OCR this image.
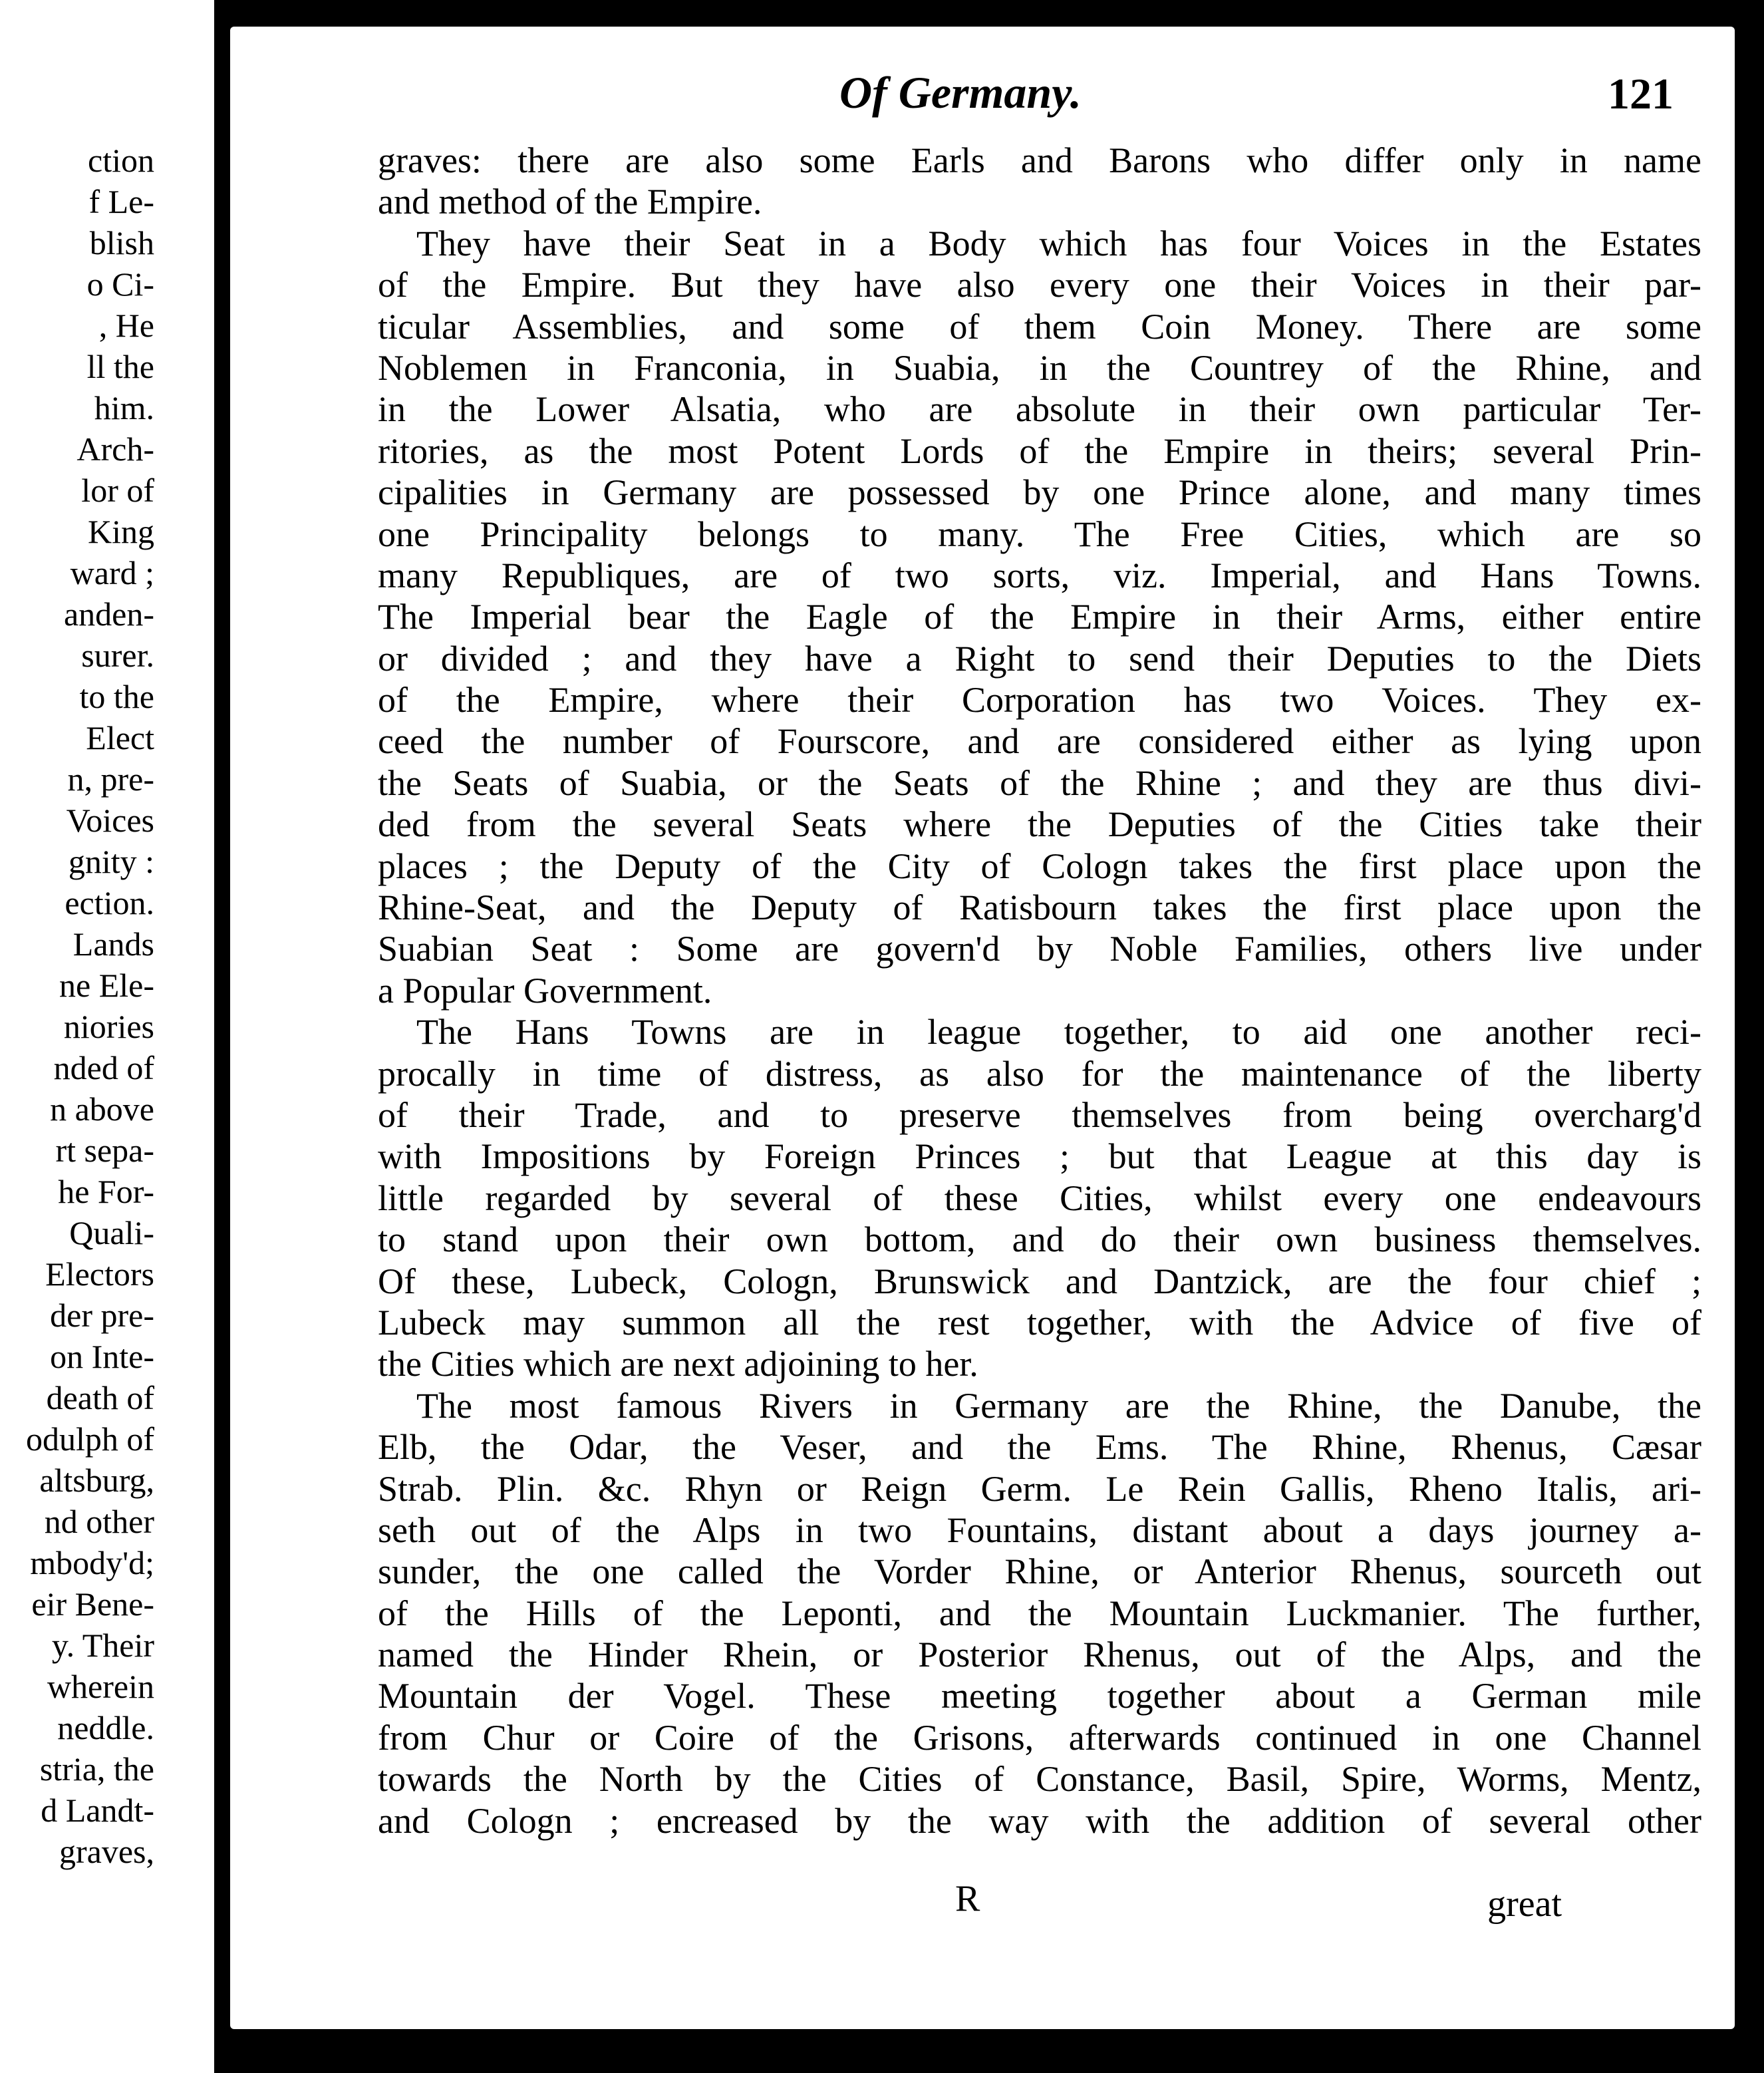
ction
f Le-
blish
o Ci-
, He
ll the
him.
Arch-
lor of
King
ward ;
anden-
surer.
to the
Elect
n, pre-
Voices
gnity :
ection.
Lands
ne Ele-
niories
nded of
n above
rt sepa-
he For-
Quali-
Electors
der pre-
on Inte-
death of
odulph of
altsburg,
nd other
mbody'd;
eir Bene-
y. Their
wherein
neddle.
stria, the
d Landt-
graves,
Of Germany.	121
graves: there are also some Earls and Barons who differ only in name
and method of the Empire.
They have their Seat in a Body which has four Voices in the Estates
of the Empire. But they have also every one their Voices in their par-
ticular Assemblies, and some of them Coin Money. There are some
Noblemen in Franconia, in Suabia, in the Countrey of the Rhine, and
in the Lower Alsatia, who are absolute in their own particular Ter-
ritories, as the most Potent Lords of the Empire in theirs; several Prin-
cipalities in Germany are possessed by one Prince alone, and many times
one Principality belongs to many. The Free Cities, which are so
many Republiques, are of two sorts, viz. Imperial, and Hans Towns.
The Imperial bear the Eagle of the Empire in their Arms, either entire
or divided ; and they have a Right to send their Deputies to the Diets
of the Empire, where their Corporation has two Voices. They ex-
ceed the number of Fourscore, and are considered either as lying upon
the Seats of Suabia, or the Seats of the Rhine ; and they are thus divi-
ded from the several Seats where the Deputies of the Cities take their
places ; the Deputy of the City of Cologn takes the first place upon the
Rhine-Seat, and the Deputy of Ratisbourn takes the first place upon the
Suabian Seat : Some are govern'd by Noble Families, others live under
a Popular Government.
The Hans Towns are in league together, to aid one another reci-
procally in time of distress, as also for the maintenance of the liberty
of their Trade, and to preserve themselves from being overcharg'd
with Impositions by Foreign Princes ; but that League at this day is
little regarded by several of these Cities, whilst every one endeavours
to stand upon their own bottom, and do their own business themselves.
Of these, Lubeck, Cologn, Brunswick and Dantzick, are the four chief ;
Lubeck may summon all the rest together, with the Advice of five of
the Cities which are next adjoining to her.
The most famous Rivers in Germany are the Rhine, the Danube, the
Elb, the Odar, the Veser, and the Ems. The Rhine, Rhenus, Cæsar
Strab. Plin. &c. Rhyn or Reign Germ. Le Rein Gallis, Rheno Italis, ari-
seth out of the Alps in two Fountains, distant about a days journey a-
sunder, the one called the Vorder Rhine, or Anterior Rhenus, sourceth out
of the Hills of the Leponti, and the Mountain Luckmanier. The further,
named the Hinder Rhein, or Posterior Rhenus, out of the Alps, and the
Mountain der Vogel. These meeting together about a German mile
from Chur or Coire of the Grisons, afterwards continued in one Channel
towards the North by the Cities of Constance, Basil, Spire, Worms, Mentz,
and Cologn ; encreased by the way with the addition of several other
R	great
